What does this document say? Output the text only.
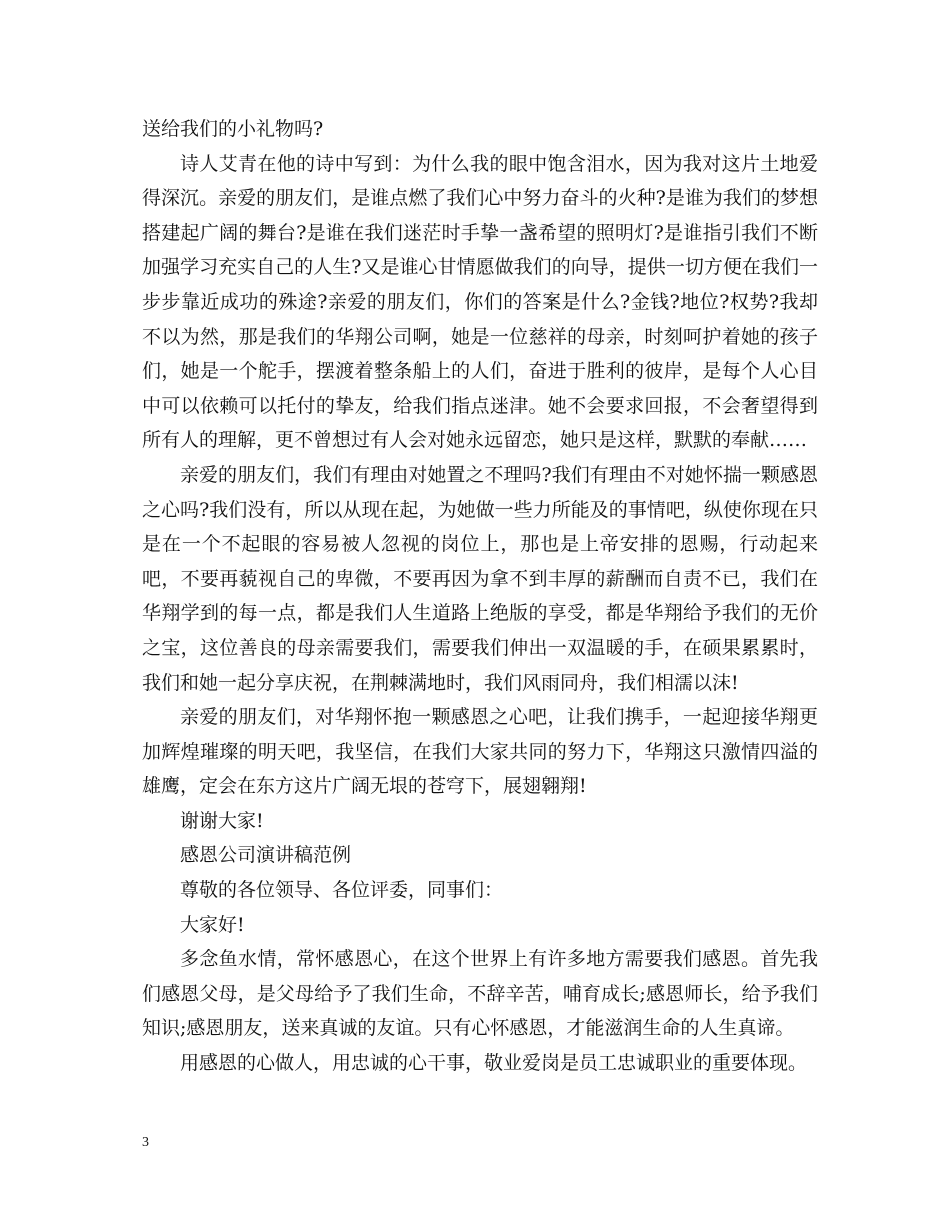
送给我们的小礼物吗?

诗人艾青在他的诗中写到：为什么我的眼中饱含泪水，因为我对这片土地爱得深沉。亲爱的朋友们，是谁点燃了我们心中努力奋斗的火种?是谁为我们的梦想搭建起广阔的舞台?是谁在我们迷茫时手挚一盏希望的照明灯?是谁指引我们不断加强学习充实自己的人生?又是谁心甘情愿做我们的向导，提供一切方便在我们一步步靠近成功的殊途?亲爱的朋友们，你们的答案是什么?金钱?地位?权势?我却不以为然，那是我们的华翔公司啊，她是一位慈祥的母亲，时刻呵护着她的孩子们，她是一个舵手，摆渡着整条船上的人们，奋进于胜利的彼岸，是每个人心目中可以依赖可以托付的挚友，给我们指点迷津。她不会要求回报，不会奢望得到所有人的理解，更不曾想过有人会对她永远留恋，她只是这样，默默的奉献……

亲爱的朋友们，我们有理由对她置之不理吗?我们有理由不对她怀揣一颗感恩之心吗?我们没有，所以从现在起，为她做一些力所能及的事情吧，纵使你现在只是在一个不起眼的容易被人忽视的岗位上，那也是上帝安排的恩赐，行动起来吧，不要再藐视自己的卑微，不要再因为拿不到丰厚的薪酬而自责不已，我们在华翔学到的每一点，都是我们人生道路上绝版的享受，都是华翔给予我们的无价之宝，这位善良的母亲需要我们，需要我们伸出一双温暖的手，在硕果累累时，我们和她一起分享庆祝，在荆棘满地时，我们风雨同舟，我们相濡以沫!

亲爱的朋友们，对华翔怀抱一颗感恩之心吧，让我们携手，一起迎接华翔更加辉煌璀璨的明天吧，我坚信，在我们大家共同的努力下，华翔这只激情四溢的雄鹰，定会在东方这片广阔无垠的苍穹下，展翅翱翔!

谢谢大家!

感恩公司演讲稿范例

尊敬的各位领导、各位评委，同事们：

大家好!

多念鱼水情，常怀感恩心，在这个世界上有许多地方需要我们感恩。首先我们感恩父母，是父母给予了我们生命，不辞辛苦，哺育成长;感恩师长，给予我们知识;感恩朋友，送来真诚的友谊。只有心怀感恩，才能滋润生命的人生真谛。

用感恩的心做人，用忠诚的心干事，敬业爱岗是员工忠诚职业的重要体现。

3
